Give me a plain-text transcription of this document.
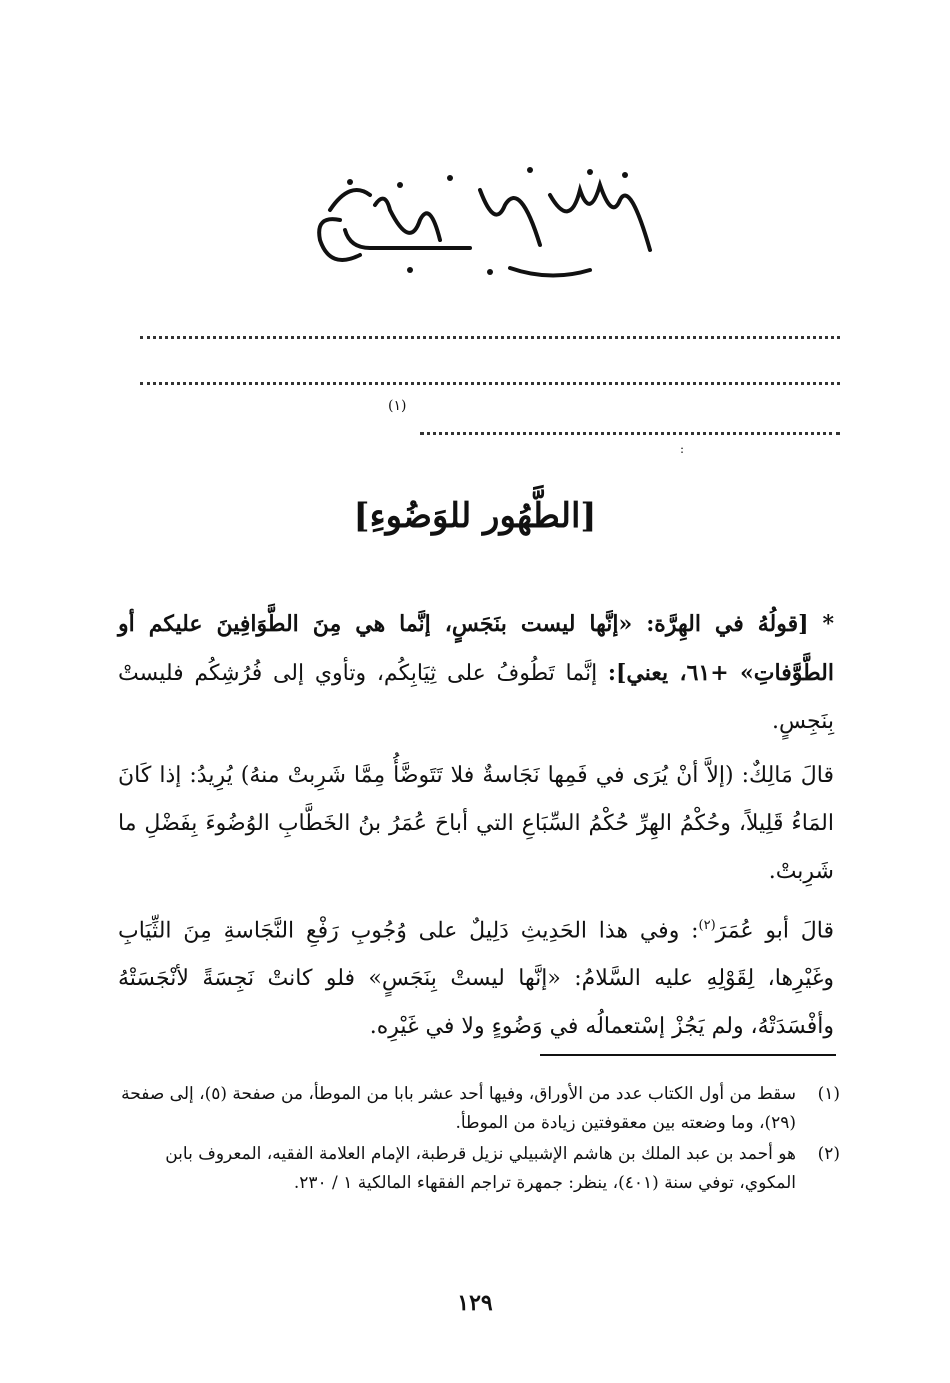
(١)
:
[الطَّهُور للوَضُوءِ]

* [قولُهُ في الهِرَّة: «إنَّها ليست بنَجَسٍ، إنَّما هي مِنَ الطَّوَافِينَ عليكم أو الطَّوَّفاتِ» +٦١، يعني]: إنَّما تَطُوفُ على ثِيَابِكُم، وتأوي إلى فُرُشِكُم فليستْ بِنَجِسٍ.

قالَ مَالِكٌ: (إلاَّ أنْ يُرَى في فَمِها نَجَاسةٌ فلا تَتَوضَّأُ مِمَّا شَرِبتْ منهُ) يُرِيدُ: إذا كَانَ المَاءُ قَلِيلاً، وحُكْمُ الهِرِّ حُكْمُ السِّبَاعِ التي أباحَ عُمَرُ بنُ الخَطَّابِ الوُضُوءَ بِفَضْلِ ما شَرِبتْ.

قالَ أبو عُمَرَ$^{(٢)}$: وفي هذا الحَدِيثِ دَلِيلٌ على وُجُوبِ رَفْعِ النَّجَاسةِ مِنَ الثِّيَابِ وغَيْرِها، لِقَوْلِهِ عليه السَّلامُ: «إنَّها ليستْ بِنَجَسٍ» فلو كانتْ نَجِسَةً لأنْجَسَتْهُ وأفْسَدَتْهُ، ولم يَجُزْ إسْتعمالُه في وَضُوءٍ ولا في غَيْرِه.

(١)
سقط من أول الكتاب عدد من الأوراق، وفيها أحد عشر بابا من الموطأ، من صفحة (٥)، إلى صفحة (٢٩)، وما وضعته بين معقوفتين زيادة من الموطأ.
(٢)
هو أحمد بن عبد الملك بن هاشم الإشبيلي نزيل قرطبة، الإمام العلامة الفقيه، المعروف بابن المكوي، توفي سنة (٤٠١)، ينظر: جمهرة تراجم الفقهاء المالكية ١ / ٢٣٠.
١٢٩
